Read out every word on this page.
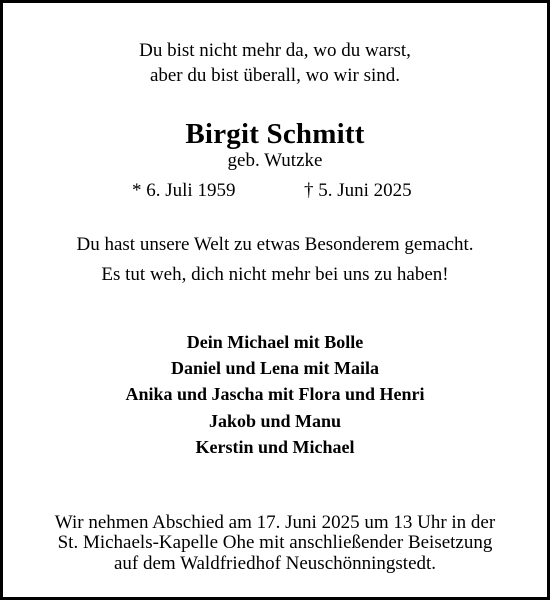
Du bist nicht mehr da, wo du warst,
aber du bist überall, wo wir sind.
Birgit Schmitt
geb. Wutzke
* 6. Juli 1959	† 5. Juni 2025
Du hast unsere Welt zu etwas Besonderem gemacht.
Es tut weh, dich nicht mehr bei uns zu haben!
Dein Michael mit Bolle
Daniel und Lena mit Maila
Anika und Jascha mit Flora und Henri
Jakob und Manu
Kerstin und Michael
Wir nehmen Abschied am 17. Juni 2025 um 13 Uhr in der
St. Michaels-Kapelle Ohe mit anschließender Beisetzung
auf dem Waldfriedhof Neuschönningstedt.
